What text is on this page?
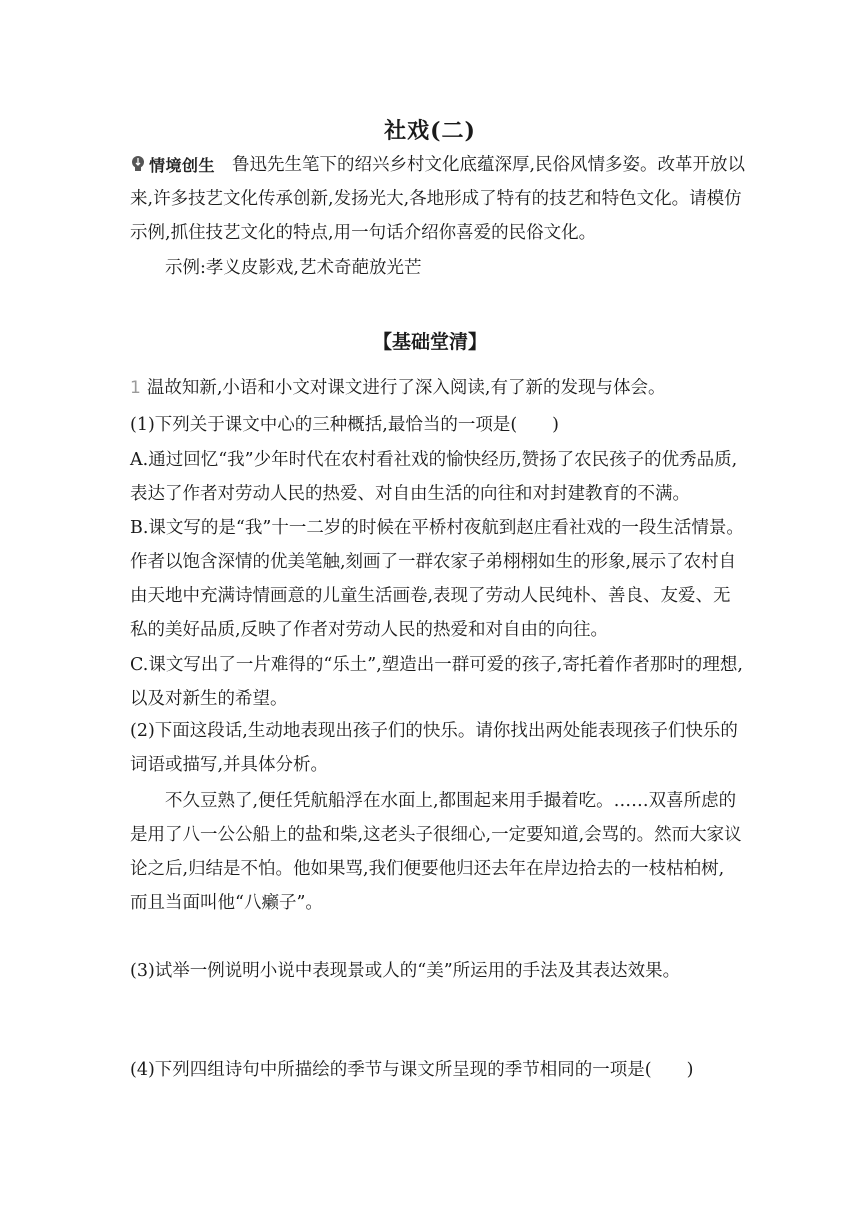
社戏(二)
情境创生 鲁迅先生笔下的绍兴乡村文化底蕴深厚,民俗风情多姿。改革开放以
来,许多技艺文化传承创新,发扬光大,各地形成了特有的技艺和特色文化。请模仿
示例,抓住技艺文化的特点,用一句话介绍你喜爱的民俗文化。
示例:孝义皮影戏,艺术奇葩放光芒
【基础堂清】
1 温故知新,小语和小文对课文进行了深入阅读,有了新的发现与体会。
(1)下列关于课文中心的三种概括,最恰当的一项是(　　)
A.通过回忆“我”少年时代在农村看社戏的愉快经历,赞扬了农民孩子的优秀品质,
表达了作者对劳动人民的热爱、对自由生活的向往和对封建教育的不满。
B.课文写的是“我”十一二岁的时候在平桥村夜航到赵庄看社戏的一段生活情景。
作者以饱含深情的优美笔触,刻画了一群农家子弟栩栩如生的形象,展示了农村自
由天地中充满诗情画意的儿童生活画卷,表现了劳动人民纯朴、善良、友爱、无
私的美好品质,反映了作者对劳动人民的热爱和对自由的向往。
C.课文写出了一片难得的“乐土”,塑造出一群可爱的孩子,寄托着作者那时的理想,
以及对新生的希望。
(2)下面这段话,生动地表现出孩子们的快乐。请你找出两处能表现孩子们快乐的
词语或描写,并具体分析。
不久豆熟了,便任凭航船浮在水面上,都围起来用手撮着吃。……双喜所虑的
是用了八一公公船上的盐和柴,这老头子很细心,一定要知道,会骂的。然而大家议
论之后,归结是不怕。他如果骂,我们便要他归还去年在岸边拾去的一枝枯柏树,
而且当面叫他“八癞子”。
(3)试举一例说明小说中表现景或人的“美”所运用的手法及其表达效果。
(4)下列四组诗句中所描绘的季节与课文所呈现的季节相同的一项是(　　)
